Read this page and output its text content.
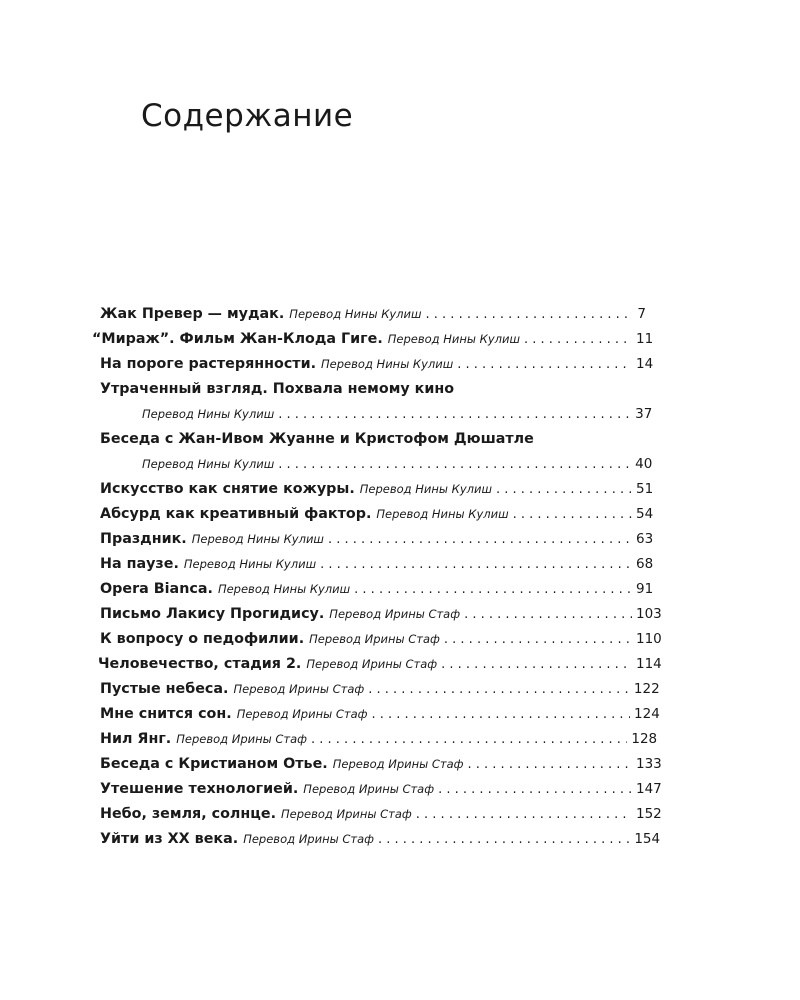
Содержание
Жак Превер — мудак. Перевод Нины Кулиш . . .	7
“Мираж”. Фильм Жан-Клода Гиге. Перевод Нины Кулиш . . .	11
На пороге растерянности. Перевод Нины Кулиш . . .	14
Утраченный взгляд. Похвала немому кино
Перевод Нины Кулиш . . .	37
Беседа с Жан-Ивом Жуанне и Кристофом Дюшатле
Перевод Нины Кулиш . . .	40
Искусство как снятие кожуры. Перевод Нины Кулиш . . .	51
Абсурд как креативный фактор. Перевод Нины Кулиш . . .	54
Праздник. Перевод Нины Кулиш . . .	63
На паузе. Перевод Нины Кулиш . . .	68
Opera Bianca. Перевод Нины Кулиш . . .	91
Письмо Лакису Прогидису. Перевод Ирины Стаф . . .	103
К вопросу о педофилии. Перевод Ирины Стаф . . .	110
Человечество, стадия 2. Перевод Ирины Стаф . . .	114
Пустые небеса. Перевод Ирины Стаф . . .	122
Мне снится сон. Перевод Ирины Стаф . . .	124
Нил Янг. Перевод Ирины Стаф . . .	128
Беседа с Кристианом Отье. Перевод Ирины Стаф . . .	133
Утешение технологией. Перевод Ирины Стаф . . .	147
Небо, земля, солнце. Перевод Ирины Стаф . . .	152
Уйти из XX века. Перевод Ирины Стаф . . .	154
